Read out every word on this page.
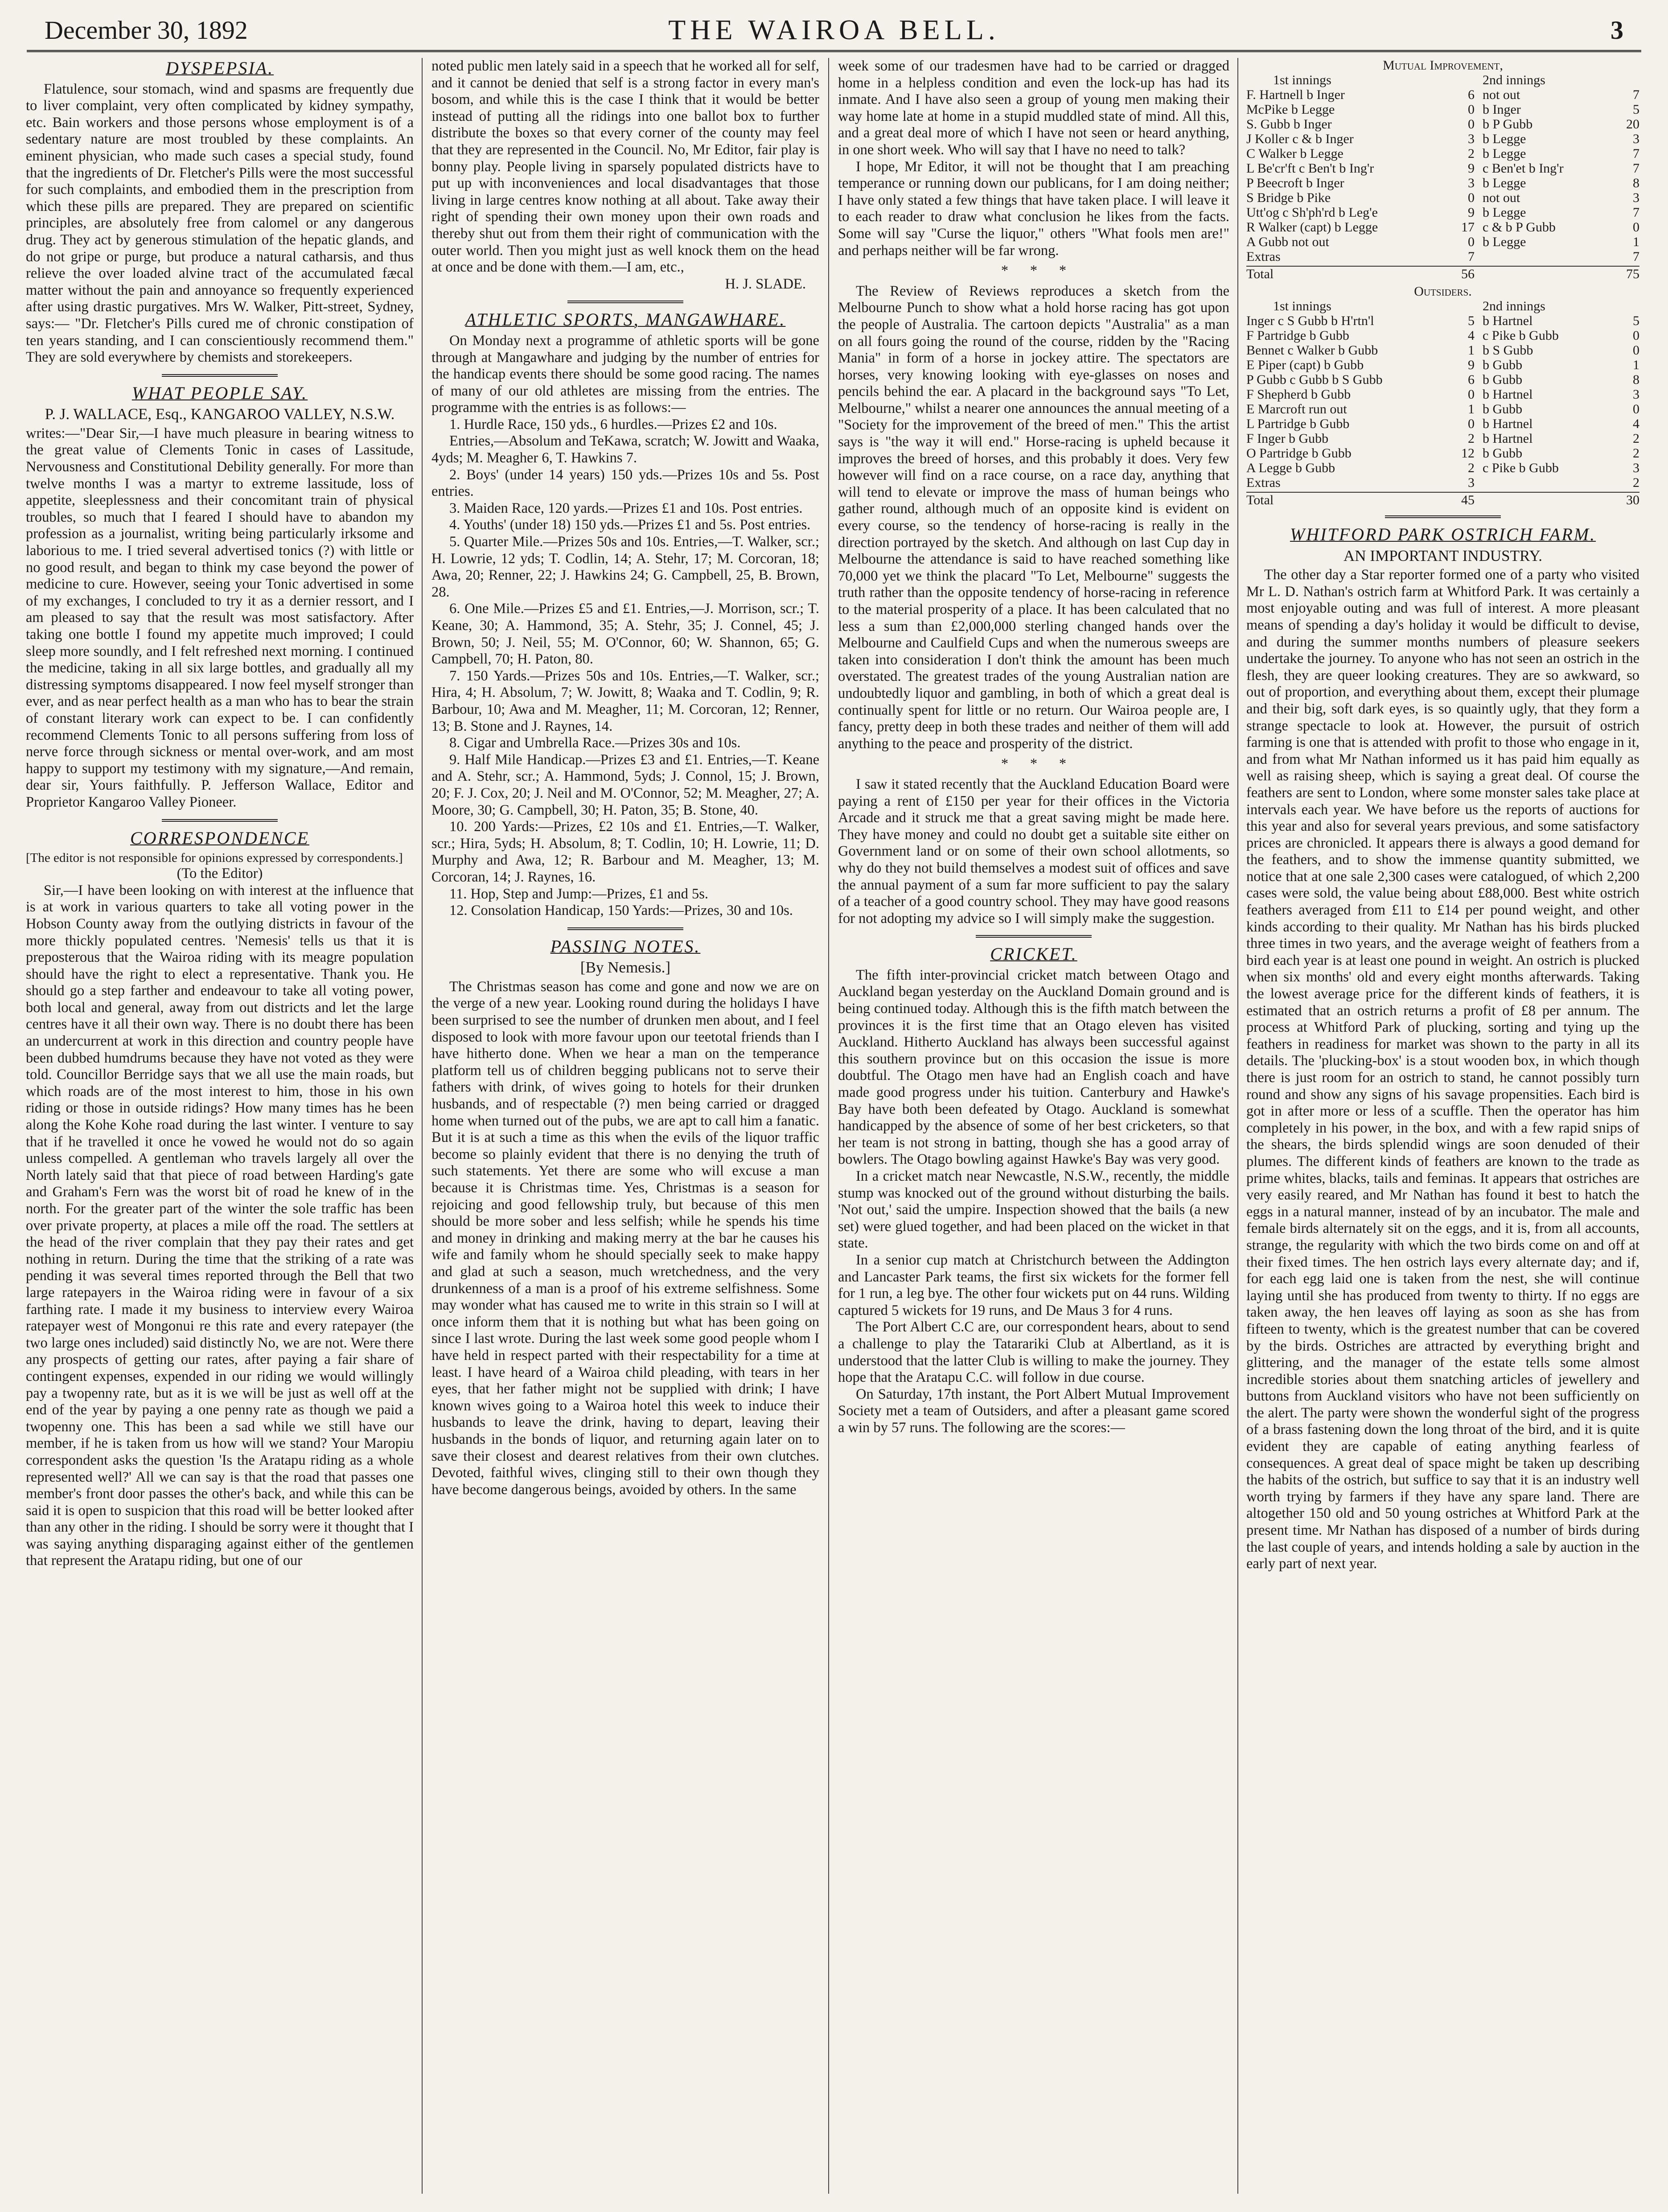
December 30, 1892	THE WAIROA BELL.	3
DYSPEPSIA.

Flatulence, sour stomach, wind and spasms are frequently due to liver complaint, very often complicated by kidney sympathy, etc. Bain workers and those persons whose employment is of a sedentary nature are most troubled by these complaints. An eminent physician, who made such cases a special study, found that the ingredients of Dr. Fletcher's Pills were the most successful for such complaints, and embodied them in the prescription from which these pills are prepared. They are prepared on scientific principles, are absolutely free from calomel or any dangerous drug. They act by generous stimulation of the hepatic glands, and do not gripe or purge, but produce a natural catharsis, and thus relieve the over loaded alvine tract of the accumulated fæcal matter without the pain and annoyance so frequently experienced after using drastic purgatives. Mrs W. Walker, Pitt-street, Sydney, says:— "Dr. Fletcher's Pills cured me of chronic constipation of ten years standing, and I can conscientiously recommend them." They are sold everywhere by chemists and storekeepers.

WHAT PEOPLE SAY.
P. J. WALLACE, Esq., KANGAROO VALLEY, N.S.W.

writes:—"Dear Sir,—I have much pleasure in bearing witness to the great value of Clements Tonic in cases of Lassitude, Nervousness and Constitutional Debility generally. For more than twelve months I was a martyr to extreme lassitude, loss of appetite, sleeplessness and their concomitant train of physical troubles, so much that I feared I should have to abandon my profession as a journalist, writing being particularly irksome and laborious to me. I tried several advertised tonics (?) with little or no good result, and began to think my case beyond the power of medicine to cure. However, seeing your Tonic advertised in some of my exchanges, I concluded to try it as a dernier ressort, and I am pleased to say that the result was most satisfactory. After taking one bottle I found my appetite much improved; I could sleep more soundly, and I felt refreshed next morning. I continued the medicine, taking in all six large bottles, and gradually all my distressing symptoms disappeared. I now feel myself stronger than ever, and as near perfect health as a man who has to bear the strain of constant literary work can expect to be. I can confidently recommend Clements Tonic to all persons suffering from loss of nerve force through sickness or mental over-work, and am most happy to support my testimony with my signature,—And remain, dear sir, Yours faithfully. P. Jefferson Wallace, Editor and Proprietor Kangaroo Valley Pioneer.

CORRESPONDENCE

[The editor is not responsible for opinions expressed by correspondents.]

(To the Editor)

Sir,—I have been looking on with interest at the influence that is at work in various quarters to take all voting power in the Hobson County away from the outlying districts in favour of the more thickly populated centres. 'Nemesis' tells us that it is preposterous that the Wairoa riding with its meagre population should have the right to elect a representative. Thank you. He should go a step farther and endeavour to take all voting power, both local and general, away from out districts and let the large centres have it all their own way. There is no doubt there has been an undercurrent at work in this direction and country people have been dubbed humdrums because they have not voted as they were told. Councillor Berridge says that we all use the main roads, but which roads are of the most interest to him, those in his own riding or those in outside ridings? How many times has he been along the Kohe Kohe road during the last winter. I venture to say that if he travelled it once he vowed he would not do so again unless compelled. A gentleman who travels largely all over the North lately said that that piece of road between Harding's gate and Graham's Fern was the worst bit of road he knew of in the north. For the greater part of the winter the sole traffic has been over private property, at places a mile off the road. The settlers at the head of the river complain that they pay their rates and get nothing in return. During the time that the striking of a rate was pending it was several times reported through the Bell that two large ratepayers in the Wairoa riding were in favour of a six farthing rate. I made it my business to interview every Wairoa ratepayer west of Mongonui re this rate and every ratepayer (the two large ones included) said distinctly No, we are not. Were there any prospects of getting our rates, after paying a fair share of contingent expenses, expended in our riding we would willingly pay a twopenny rate, but as it is we will be just as well off at the end of the year by paying a one penny rate as though we paid a twopenny one. This has been a sad while we still have our member, if he is taken from us how will we stand? Your Maropiu correspondent asks the question 'Is the Aratapu riding as a whole represented well?' All we can say is that the road that passes one member's front door passes the other's back, and while this can be said it is open to suspicion that this road will be better looked after than any other in the riding. I should be sorry were it thought that I was saying anything disparaging against either of the gentlemen that represent the Aratapu riding, but one of our

noted public men lately said in a speech that he worked all for self, and it cannot be denied that self is a strong factor in every man's bosom, and while this is the case I think that it would be better instead of putting all the ridings into one ballot box to further distribute the boxes so that every corner of the county may feel that they are represented in the Council. No, Mr Editor, fair play is bonny play. People living in sparsely populated districts have to put up with inconveniences and local disadvantages that those living in large centres know nothing at all about. Take away their right of spending their own money upon their own roads and thereby shut out from them their right of communication with the outer world. Then you might just as well knock them on the head at once and be done with them.—I am, etc.,

H. J. SLADE.
ATHLETIC SPORTS, MANGAWHARE.

On Monday next a programme of athletic sports will be gone through at Mangawhare and judging by the number of entries for the handicap events there should be some good racing. The names of many of our old athletes are missing from the entries. The programme with the entries is as follows:—

1. Hurdle Race, 150 yds., 6 hurdles.—Prizes £2 and 10s.

Entries,—Absolum and TeKawa, scratch; W. Jowitt and Waaka, 4yds; M. Meagher 6, T. Hawkins 7.

2. Boys' (under 14 years) 150 yds.—Prizes 10s and 5s. Post entries.

3. Maiden Race, 120 yards.—Prizes £1 and 10s. Post entries.

4. Youths' (under 18) 150 yds.—Prizes £1 and 5s. Post entries.

5. Quarter Mile.—Prizes 50s and 10s. Entries,—T. Walker, scr.; H. Lowrie, 12 yds; T. Codlin, 14; A. Stehr, 17; M. Corcoran, 18; Awa, 20; Renner, 22; J. Hawkins 24; G. Campbell, 25, B. Brown, 28.

6. One Mile.—Prizes £5 and £1. Entries,—J. Morrison, scr.; T. Keane, 30; A. Hammond, 35; A. Stehr, 35; J. Connel, 45; J. Brown, 50; J. Neil, 55; M. O'Connor, 60; W. Shannon, 65; G. Campbell, 70; H. Paton, 80.

7. 150 Yards.—Prizes 50s and 10s. Entries,—T. Walker, scr.; Hira, 4; H. Absolum, 7; W. Jowitt, 8; Waaka and T. Codlin, 9; R. Barbour, 10; Awa and M. Meagher, 11; M. Corcoran, 12; Renner, 13; B. Stone and J. Raynes, 14.

8. Cigar and Umbrella Race.—Prizes 30s and 10s.

9. Half Mile Handicap.—Prizes £3 and £1. Entries,—T. Keane and A. Stehr, scr.; A. Hammond, 5yds; J. Connol, 15; J. Brown, 20; F. J. Cox, 20; J. Neil and M. O'Connor, 52; M. Meagher, 27; A. Moore, 30; G. Campbell, 30; H. Paton, 35; B. Stone, 40.

10. 200 Yards:—Prizes, £2 10s and £1. Entries,—T. Walker, scr.; Hira, 5yds; H. Absolum, 8; T. Codlin, 10; H. Lowrie, 11; D. Murphy and Awa, 12; R. Barbour and M. Meagher, 13; M. Corcoran, 14; J. Raynes, 16.

11. Hop, Step and Jump:—Prizes, £1 and 5s.

12. Consolation Handicap, 150 Yards:—Prizes, 30 and 10s.

PASSING NOTES.
[By Nemesis.]

The Christmas season has come and gone and now we are on the verge of a new year. Looking round during the holidays I have been surprised to see the number of drunken men about, and I feel disposed to look with more favour upon our teetotal friends than I have hitherto done. When we hear a man on the temperance platform tell us of children begging publicans not to serve their fathers with drink, of wives going to hotels for their drunken husbands, and of respectable (?) men being carried or dragged home when turned out of the pubs, we are apt to call him a fanatic. But it is at such a time as this when the evils of the liquor traffic become so plainly evident that there is no denying the truth of such statements. Yet there are some who will excuse a man because it is Christmas time. Yes, Christmas is a season for rejoicing and good fellowship truly, but because of this men should be more sober and less selfish; while he spends his time and money in drinking and making merry at the bar he causes his wife and family whom he should specially seek to make happy and glad at such a season, much wretchedness, and the very drunkenness of a man is a proof of his extreme selfishness. Some may wonder what has caused me to write in this strain so I will at once inform them that it is nothing but what has been going on since I last wrote. During the last week some good people whom I have held in respect parted with their respectability for a time at least. I have heard of a Wairoa child pleading, with tears in her eyes, that her father might not be supplied with drink; I have known wives going to a Wairoa hotel this week to induce their husbands to leave the drink, having to depart, leaving their husbands in the bonds of liquor, and returning again later on to save their closest and dearest relatives from their own clutches. Devoted, faithful wives, clinging still to their own though they have become dangerous beings, avoided by others. In the same

week some of our tradesmen have had to be carried or dragged home in a helpless condition and even the lock-up has had its inmate. And I have also seen a group of young men making their way home late at home in a stupid muddled state of mind. All this, and a great deal more of which I have not seen or heard anything, in one short week. Who will say that I have no need to talk?

I hope, Mr Editor, it will not be thought that I am preaching temperance or running down our publicans, for I am doing neither; I have only stated a few things that have taken place. I will leave it to each reader to draw what conclusion he likes from the facts. Some will say "Curse the liquor," others "What fools men are!" and perhaps neither will be far wrong.

*      *      *

The Review of Reviews reproduces a sketch from the Melbourne Punch to show what a hold horse racing has got upon the people of Australia. The cartoon depicts "Australia" as a man on all fours going the round of the course, ridden by the "Racing Mania" in form of a horse in jockey attire. The spectators are horses, very knowing looking with eye-glasses on noses and pencils behind the ear. A placard in the background says "To Let, Melbourne," whilst a nearer one announces the annual meeting of a "Society for the improvement of the breed of men." This the artist says is "the way it will end." Horse-racing is upheld because it improves the breed of horses, and this probably it does. Very few however will find on a race course, on a race day, anything that will tend to elevate or improve the mass of human beings who gather round, although much of an opposite kind is evident on every course, so the tendency of horse-racing is really in the direction portrayed by the sketch. And although on last Cup day in Melbourne the attendance is said to have reached something like 70,000 yet we think the placard "To Let, Melbourne" suggests the truth rather than the opposite tendency of horse-racing in reference to the material prosperity of a place. It has been calculated that no less a sum than £2,000,000 sterling changed hands over the Melbourne and Caulfield Cups and when the numerous sweeps are taken into consideration I don't think the amount has been much overstated. The greatest trades of the young Australian nation are undoubtedly liquor and gambling, in both of which a great deal is continually spent for little or no return. Our Wairoa people are, I fancy, pretty deep in both these trades and neither of them will add anything to the peace and prosperity of the district.

*      *      *

I saw it stated recently that the Auckland Education Board were paying a rent of £150 per year for their offices in the Victoria Arcade and it struck me that a great saving might be made here. They have money and could no doubt get a suitable site either on Government land or on some of their own school allotments, so why do they not build themselves a modest suit of offices and save the annual payment of a sum far more sufficient to pay the salary of a teacher of a good country school. They may have good reasons for not adopting my advice so I will simply make the suggestion.

CRICKET.

The fifth inter-provincial cricket match between Otago and Auckland began yesterday on the Auckland Domain ground and is being continued today. Although this is the fifth match between the provinces it is the first time that an Otago eleven has visited Auckland. Hitherto Auckland has always been successful against this southern province but on this occasion the issue is more doubtful. The Otago men have had an English coach and have made good progress under his tuition. Canterbury and Hawke's Bay have both been defeated by Otago. Auckland is somewhat handicapped by the absence of some of her best cricketers, so that her team is not strong in batting, though she has a good array of bowlers. The Otago bowling against Hawke's Bay was very good.

In a cricket match near Newcastle, N.S.W., recently, the middle stump was knocked out of the ground without disturbing the bails. 'Not out,' said the umpire. Inspection showed that the bails (a new set) were glued together, and had been placed on the wicket in that state.

In a senior cup match at Christchurch between the Addington and Lancaster Park teams, the first six wickets for the former fell for 1 run, a leg bye. The other four wickets put on 44 runs. Wilding captured 5 wickets for 19 runs, and De Maus 3 for 4 runs.

The Port Albert C.C are, our correspondent hears, about to send a challenge to play the Tatarariki Club at Albertland, as it is understood that the latter Club is willing to make the journey. They hope that the Aratapu C.C. will follow in due course.

On Saturday, 17th instant, the Port Albert Mutual Improvement Society met a team of Outsiders, and after a pleasant game scored a win by 57 runs. The following are the scores:—

Mutual Improvement,
1st innings	2nd innings
F. Hartnell b Inger	6 not out	7
McPike b Legge	0 b Inger	5
S. Gubb b Inger	0 b P Gubb	20
J Koller c & b Inger	3 b Legge	3
C Walker b Legge	2 b Legge	7
L Be'cr'ft c Ben't b Ing'r	9 c Ben'et b Ing'r	7
P Beecroft b Inger	3 b Legge	8
S Bridge b Pike	0 not out	3
Utt'og c Sh'ph'rd b Leg'e	9 b Legge	7
R Walker (capt) b Legge	17 c & b P Gubb	0
A Gubb not out	0 b Legge	1
Extras	7	7
Total	56	75
Outsiders.
1st innings	2nd innings
Inger c S Gubb b H'rtn'l	5 b Hartnel	5
F Partridge b Gubb	4 c Pike b Gubb	0
Bennet c Walker b Gubb	1 b S Gubb	0
E Piper (capt) b Gubb	9 b Gubb	1
P Gubb c Gubb b S Gubb	6 b Gubb	8
F Shepherd b Gubb	0 b Hartnel	3
E Marcroft run out	1 b Gubb	0
L Partridge b Gubb	0 b Hartnel	4
F Inger b Gubb	2 b Hartnel	2
O Partridge b Gubb	12 b Gubb	2
A Legge b Gubb	2 c Pike b Gubb	3
Extras	3	2
Total	45	30
WHITFORD PARK OSTRICH FARM.
AN IMPORTANT INDUSTRY.

The other day a Star reporter formed one of a party who visited Mr L. D. Nathan's ostrich farm at Whitford Park. It was certainly a most enjoyable outing and was full of interest. A more pleasant means of spending a day's holiday it would be difficult to devise, and during the summer months numbers of pleasure seekers undertake the journey. To anyone who has not seen an ostrich in the flesh, they are queer looking creatures. They are so awkward, so out of proportion, and everything about them, except their plumage and their big, soft dark eyes, is so quaintly ugly, that they form a strange spectacle to look at. However, the pursuit of ostrich farming is one that is attended with profit to those who engage in it, and from what Mr Nathan informed us it has paid him equally as well as raising sheep, which is saying a great deal. Of course the feathers are sent to London, where some monster sales take place at intervals each year. We have before us the reports of auctions for this year and also for several years previous, and some satisfactory prices are chronicled. It appears there is always a good demand for the feathers, and to show the immense quantity submitted, we notice that at one sale 2,300 cases were catalogued, of which 2,200 cases were sold, the value being about £88,000. Best white ostrich feathers averaged from £11 to £14 per pound weight, and other kinds according to their quality. Mr Nathan has his birds plucked three times in two years, and the average weight of feathers from a bird each year is at least one pound in weight. An ostrich is plucked when six months' old and every eight months afterwards. Taking the lowest average price for the different kinds of feathers, it is estimated that an ostrich returns a profit of £8 per annum. The process at Whitford Park of plucking, sorting and tying up the feathers in readiness for market was shown to the party in all its details. The 'plucking-box' is a stout wooden box, in which though there is just room for an ostrich to stand, he cannot possibly turn round and show any signs of his savage propensities. Each bird is got in after more or less of a scuffle. Then the operator has him completely in his power, in the box, and with a few rapid snips of the shears, the birds splendid wings are soon denuded of their plumes. The different kinds of feathers are known to the trade as prime whites, blacks, tails and feminas. It appears that ostriches are very easily reared, and Mr Nathan has found it best to hatch the eggs in a natural manner, instead of by an incubator. The male and female birds alternately sit on the eggs, and it is, from all accounts, strange, the regularity with which the two birds come on and off at their fixed times. The hen ostrich lays every alternate day; and if, for each egg laid one is taken from the nest, she will continue laying until she has produced from twenty to thirty. If no eggs are taken away, the hen leaves off laying as soon as she has from fifteen to twenty, which is the greatest number that can be covered by the birds. Ostriches are attracted by everything bright and glittering, and the manager of the estate tells some almost incredible stories about them snatching articles of jewellery and buttons from Auckland visitors who have not been sufficiently on the alert. The party were shown the wonderful sight of the progress of a brass fastening down the long throat of the bird, and it is quite evident they are capable of eating anything fearless of consequences. A great deal of space might be taken up describing the habits of the ostrich, but suffice to say that it is an industry well worth trying by farmers if they have any spare land. There are altogether 150 old and 50 young ostriches at Whitford Park at the present time. Mr Nathan has disposed of a number of birds during the last couple of years, and intends holding a sale by auction in the early part of next year.
